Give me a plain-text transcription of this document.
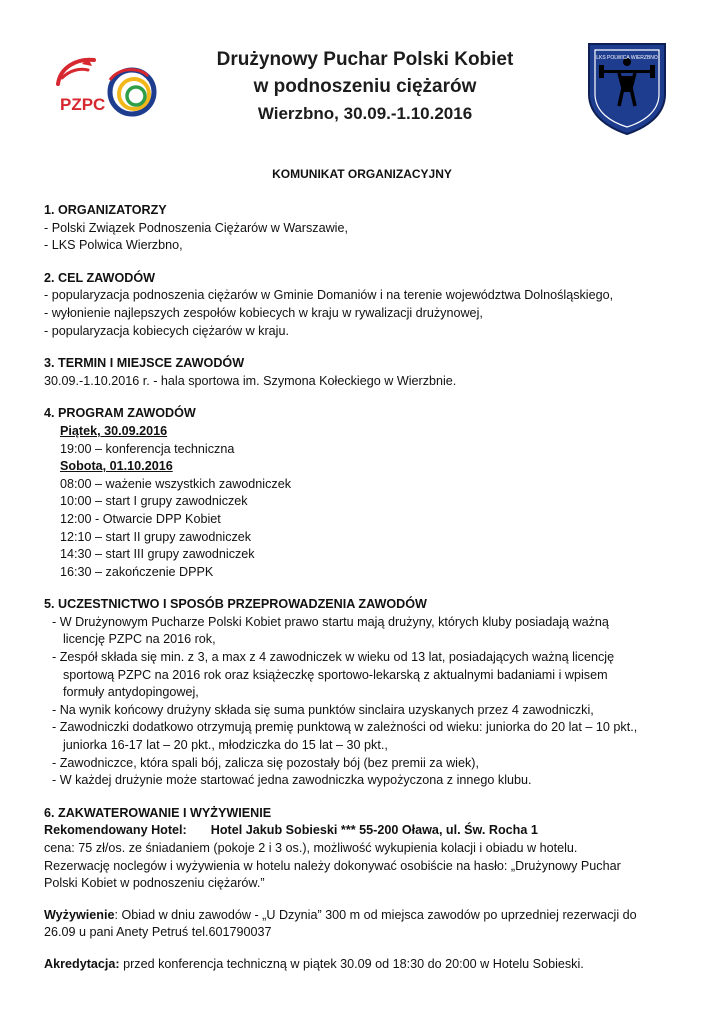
PZPC
Drużynowy Puchar Polski Kobiet
w podnoszeniu ciężarów
Wierzbno, 30.09.-1.10.2016
LKS POLWICA WIERZBNO
KOMUNIKAT ORGANIZACYJNY
1. ORGANIZATORZY
- Polski Związek Podnoszenia Ciężarów w Warszawie,
- LKS Polwica Wierzbno,
2. CEL ZAWODÓW
- popularyzacja podnoszenia ciężarów w Gminie Domaniów i na terenie województwa Dolnośląskiego,
- wyłonienie najlepszych zespołów kobiecych w kraju w rywalizacji drużynowej,
- popularyzacja kobiecych ciężarów w kraju.
3. TERMIN I MIEJSCE ZAWODÓW
30.09.-1.10.2016 r. - hala sportowa im. Szymona Kołeckiego w Wierzbnie.
4. PROGRAM ZAWODÓW
Piątek, 30.09.2016
19:00 – konferencja techniczna
Sobota, 01.10.2016
08:00 – ważenie wszystkich zawodniczek
10:00 – start I grupy zawodniczek
12:00 - Otwarcie DPP Kobiet
12:10 – start II grupy zawodniczek
14:30 – start III grupy zawodniczek
16:30 – zakończenie DPPK
5. UCZESTNICTWO I SPOSÓB PRZEPROWADZENIA ZAWODÓW
- W Drużynowym Pucharze Polski Kobiet prawo startu mają drużyny, których kluby posiadają ważną
licencję PZPC na 2016 rok,
- Zespół składa się min. z 3, a max z 4 zawodniczek w wieku od 13 lat, posiadających ważną licencję
sportową PZPC na 2016 rok oraz książeczkę sportowo-lekarską z aktualnymi badaniami i wpisem
formuły antydopingowej,
- Na wynik końcowy drużyny składa się suma punktów sinclaira uzyskanych przez 4 zawodniczki,
- Zawodniczki dodatkowo otrzymują premię punktową w zależności od wieku: juniorka do 20 lat – 10 pkt.,
juniorka 16-17 lat – 20 pkt., młodziczka do 15 lat – 30 pkt.,
- Zawodniczce, która spali bój, zalicza się pozostały bój (bez premii za wiek),
- W każdej drużynie może startować jedna zawodniczka wypożyczona z innego klubu.
6. ZAKWATEROWANIE I WYŻYWIENIE
Rekomendowany Hotel: Hotel Jakub Sobieski *** 55-200 Oława, ul. Św. Rocha 1
cena: 75 zł/os. ze śniadaniem (pokoje 2 i 3 os.), możliwość wykupienia kolacji i obiadu w hotelu.
Rezerwację noclegów i wyżywienia w hotelu należy dokonywać osobiście na hasło: „Drużynowy Puchar
Polski Kobiet w podnoszeniu ciężarów.”
Wyżywienie: Obiad w dniu zawodów - „U Dzynia” 300 m od miejsca zawodów po uprzedniej rezerwacji do
26.09 u pani Anety Petruś tel.601790037
Akredytacja: przed konferencja techniczną w piątek 30.09 od 18:30 do 20:00 w Hotelu Sobieski.
